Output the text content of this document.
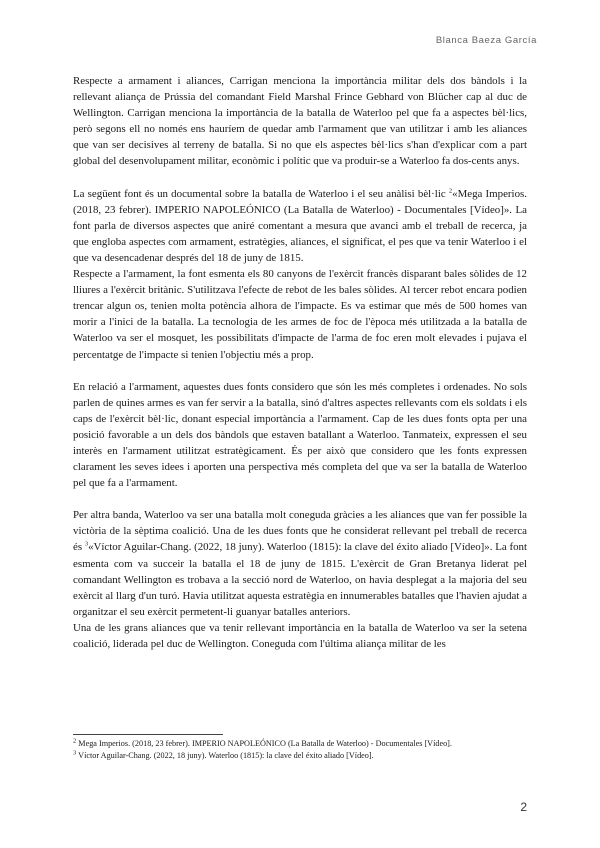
Blanca Baeza García

Respecte a armament i aliances, Carrigan menciona la importància militar dels dos bàndols i la rellevant aliança de Prússia del comandant Field Marshal Frince Gebhard von Blücher cap al duc de Wellington. Carrigan menciona la importància de la batalla de Waterloo pel que fa a aspectes bèl·lics, però segons ell no només ens hauríem de quedar amb l'armament que van utilitzar i amb les aliances que van ser decisives al terreny de batalla. Si no que els aspectes bèl·lics s'han d'explicar com a part global del desenvolupament militar, econòmic i polític que va produir-se a Waterloo fa dos-cents anys.

La següent font és un documental sobre la batalla de Waterloo i el seu anàlisi bèl·lic $^2$«Mega Imperios. (2018, 23 febrer). IMPERIO NAPOLEÓNICO (La Batalla de Waterloo) - Documentales [Vídeo]». La font parla de diversos aspectes que aniré comentant a mesura que avanci amb el treball de recerca, ja que engloba aspectes com armament, estratègies, aliances, el significat, el pes que va tenir Waterloo i el que va desencadenar després del 18 de juny de 1815.

Respecte a l'armament, la font esmenta els 80 canyons de l'exèrcit francès disparant bales sòlides de 12 lliures a l'exèrcit britànic. S'utilitzava l'efecte de rebot de les bales sòlides. Al tercer rebot encara podien trencar algun os, tenien molta potència alhora de l'impacte. Es va estimar que més de 500 homes van morir a l'inici de la batalla. La tecnologia de les armes de foc de l'època més utilitzada a la batalla de Waterloo va ser el mosquet, les possibilitats d'impacte de l'arma de foc eren molt elevades i pujava el percentatge de l'impacte si tenien l'objectiu més a prop.

En relació a l'armament, aquestes dues fonts considero que són les més completes i ordenades. No sols parlen de quines armes es van fer servir a la batalla, sinó d'altres aspectes rellevants com els soldats i els caps de l'exèrcit bèl·lic, donant especial importància a l'armament. Cap de les dues fonts opta per una posició favorable a un dels dos bàndols que estaven batallant a Waterloo. Tanmateix, expressen el seu interès en l'armament utilitzat estratègicament. És per això que considero que les fonts expressen clarament les seves idees i aporten una perspectiva més completa del que va ser la batalla de Waterloo pel que fa a l'armament.

Per altra banda, Waterloo va ser una batalla molt coneguda gràcies a les aliances que van fer possible la victòria de la sèptima coalició. Una de les dues fonts que he considerat rellevant pel treball de recerca és $^3$«Víctor Aguilar-Chang. (2022, 18 juny). Waterloo (1815): la clave del éxito aliado [Vídeo]». La font esmenta com va succeir la batalla el 18 de juny de 1815. L'exèrcit de Gran Bretanya liderat pel comandant Wellington es trobava a la secció nord de Waterloo, on havia desplegat a la majoria del seu exèrcit al llarg d'un turó. Havia utilitzat aquesta estratègia en innumerables batalles que l'havien ajudat a organitzar el seu exèrcit permetent-li guanyar batalles anteriors.

Una de les grans aliances que va tenir rellevant importància en la batalla de Waterloo va ser la setena coalició, liderada pel duc de Wellington. Coneguda com l'última aliança militar de les

$^2$ Mega Imperios. (2018, 23 febrer). IMPERIO NAPOLEÓNICO (La Batalla de Waterloo) - Documentales [Vídeo].

$^3$ Víctor Aguilar-Chang. (2022, 18 juny). Waterloo (1815): la clave del éxito aliado [Vídeo].

2
